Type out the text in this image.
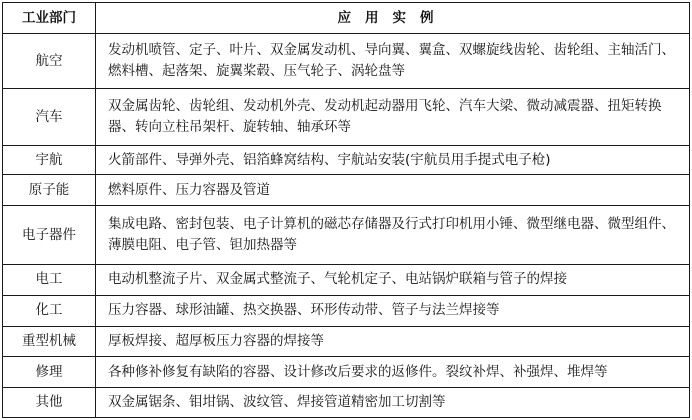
工业部门	应用实例
航空	发动机喷管、定子、叶片、双金属发动机、导向翼、翼盒、双螺旋线齿轮、齿轮组、主轴活门、燃料槽、起落架、旋翼桨毂、压气轮子、涡轮盘等
汽车	双金属齿轮、齿轮组、发动机外壳、发动机起动器用飞轮、汽车大梁、微动减震器、扭矩转换器、转向立柱吊架杆、旋转轴、轴承环等
宇航	火箭部件、导弹外壳、铝箔蜂窝结构、宇航站安装(宇航员用手提式电子枪)
原子能	燃料原件、压力容器及管道
电子器件	集成电路、密封包装、电子计算机的磁芯存储器及行式打印机用小锤、微型继电器、微型组件、薄膜电阻、电子管、钽加热器等
电工	电动机整流子片、双金属式整流子、气轮机定子、电站锅炉联箱与管子的焊接
化工	压力容器、球形油罐、热交换器、环形传动带、管子与法兰焊接等
重型机械	厚板焊接、超厚板压力容器的焊接等
修理	各种修补修复有缺陷的容器、设计修改后要求的返修件。裂纹补焊、补强焊、堆焊等
其他	双金属锯条、钼坩锅、波纹管、焊接管道精密加工切割等
